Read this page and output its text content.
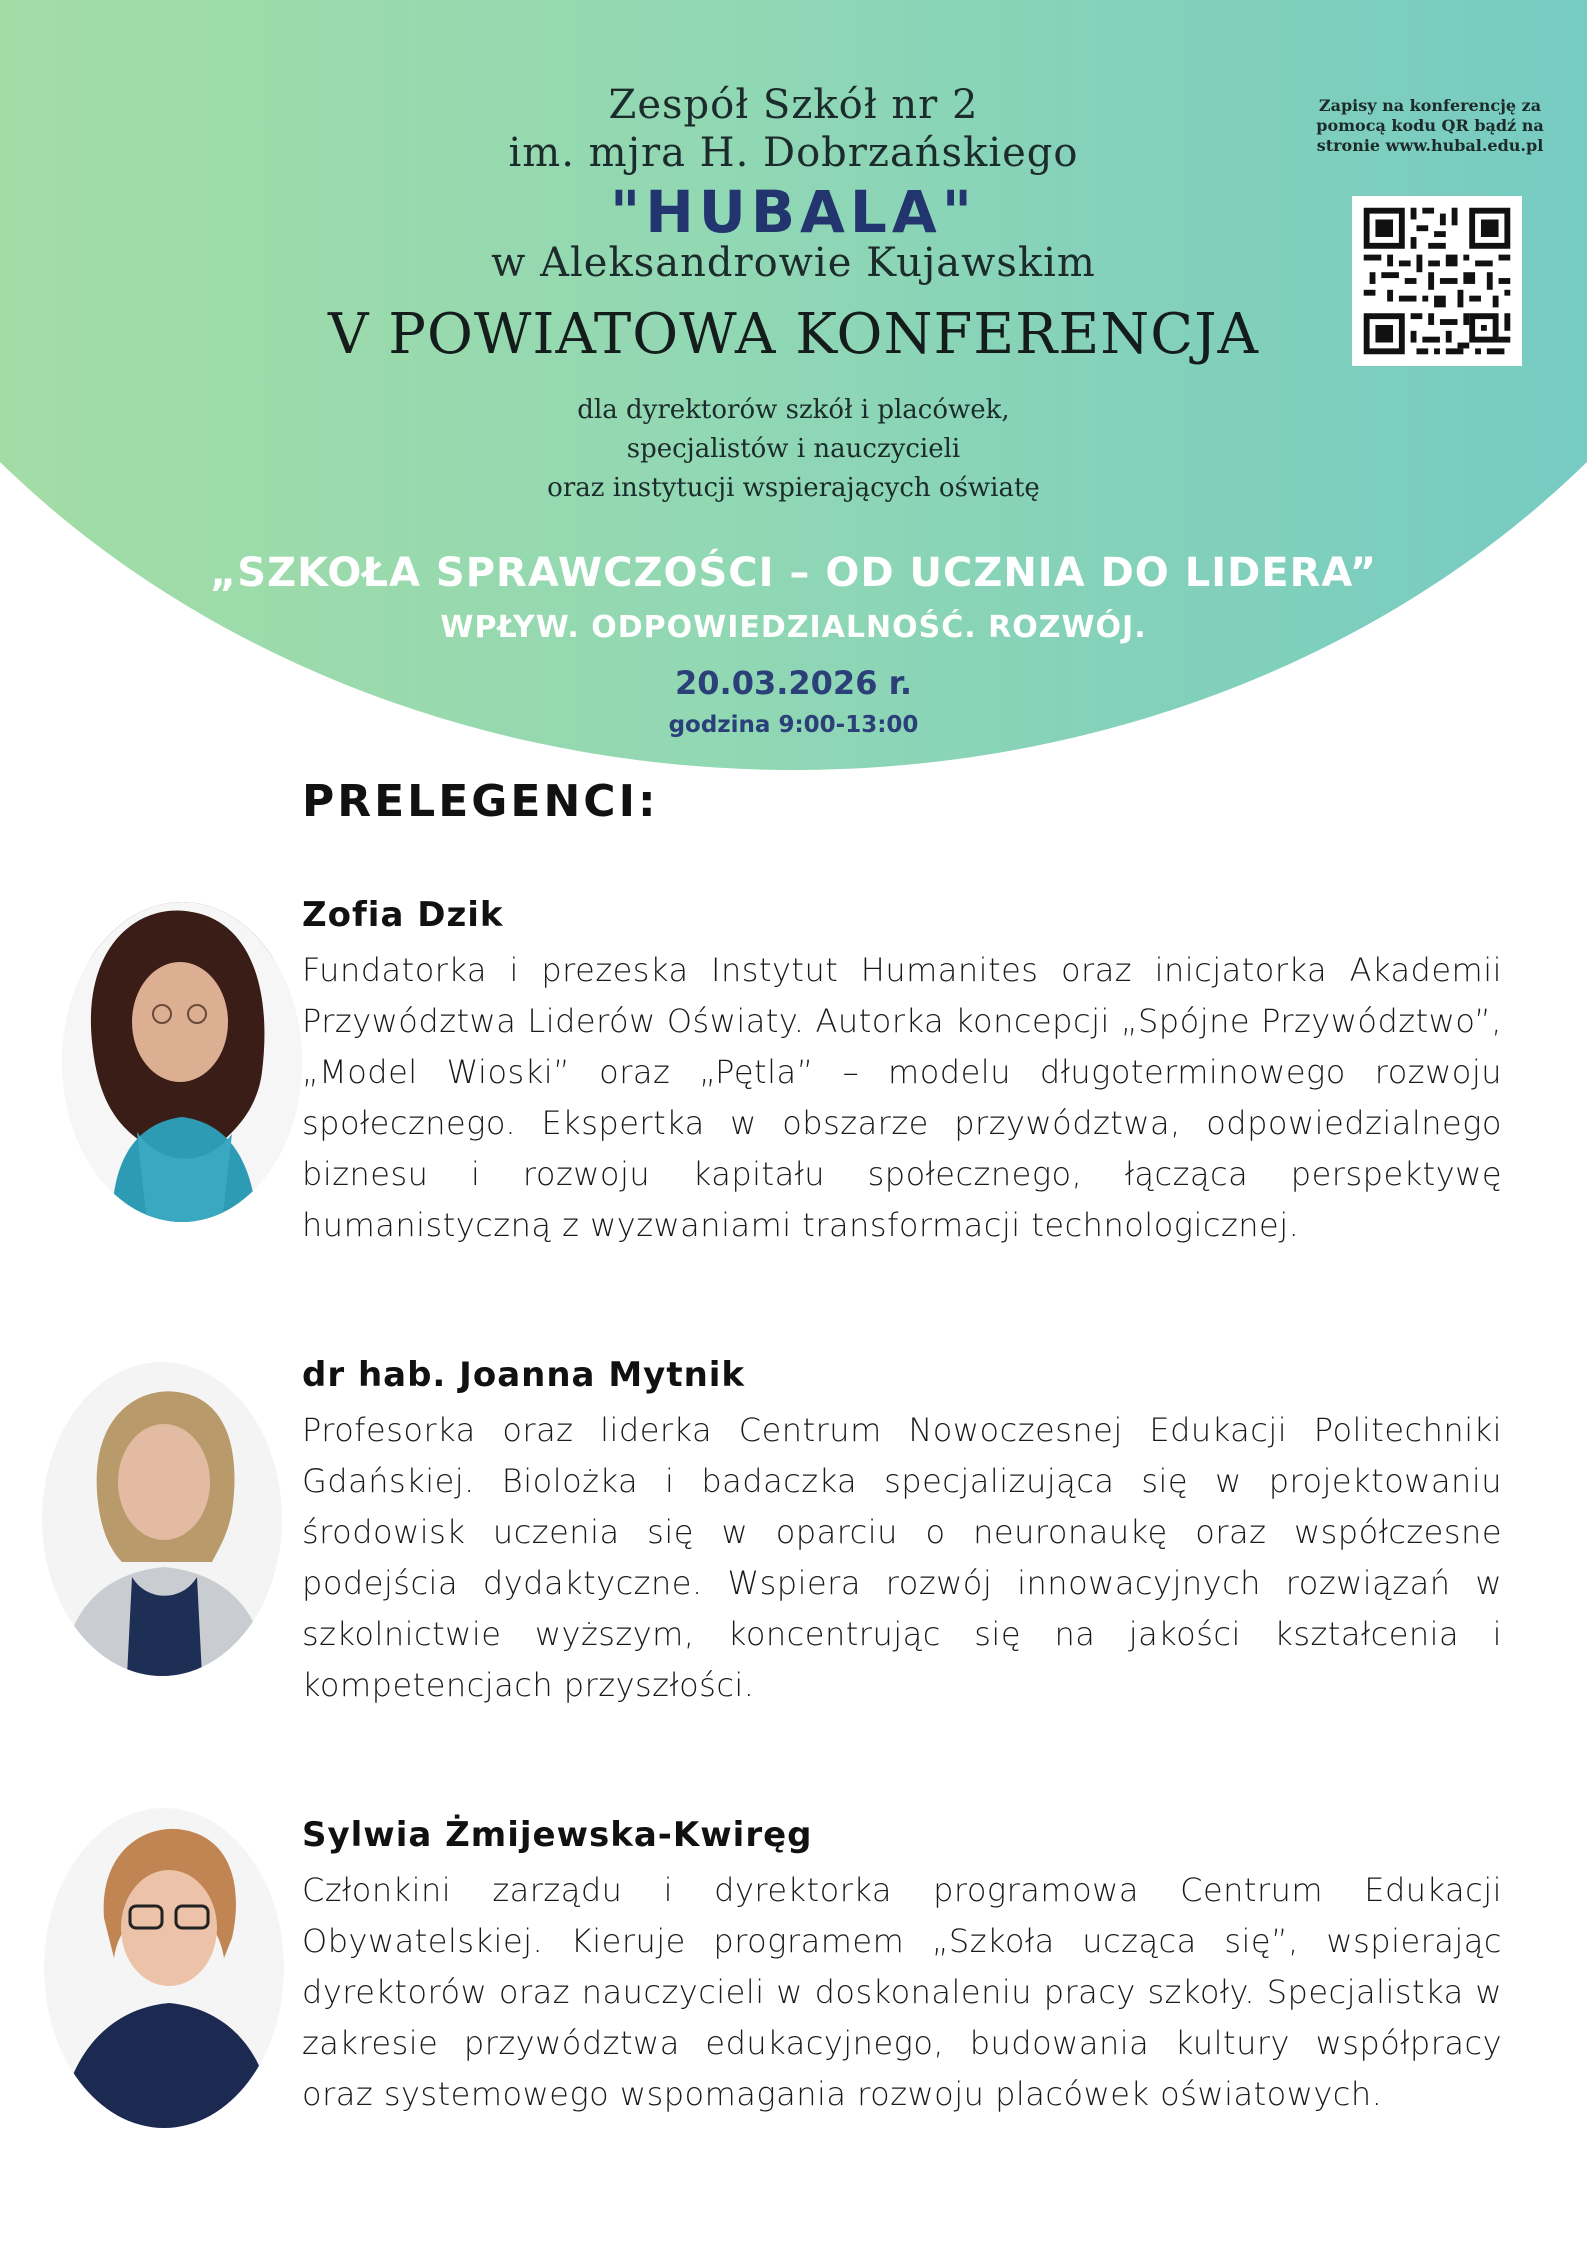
Zespół Szkół nr 2
im. mjra H. Dobrzańskiego
"HUBALA"
w Aleksandrowie Kujawskim
V POWIATOWA KONFERENCJA
dla dyrektorów szkół i placówek,
specjalistów i nauczycieli
oraz instytucji wspierających oświatę
„SZKOŁA SPRAWCZOŚCI – OD UCZNIA DO LIDERA”
WPŁYW. ODPOWIEDZIALNOŚĆ. ROZWÓJ.
20.03.2026 r.
godzina 9:00-13:00
Zapisy na konferencję za
pomocą kodu QR bądź na
stronie www.hubal.edu.pl
PRELEGENCI:
Zofia Dzik
Fundatorka i prezeska Instytut Humanites oraz inicjatorka Akademii Przywództwa Liderów Oświaty. Autorka koncepcji „Spójne Przywództwo”, „Model Wioski” oraz „Pętla” – modelu długoterminowego rozwoju społecznego. Ekspertka w obszarze przywództwa, odpowiedzialnego biznesu i rozwoju kapitału społecznego, łącząca perspektywę humanistyczną z wyzwaniami transformacji technologicznej.
dr hab. Joanna Mytnik
Profesorka oraz liderka Centrum Nowoczesnej Edukacji Politechniki Gdańskiej. Biolożka i badaczka specjalizująca się w projektowaniu środowisk uczenia się w oparciu o neuronaukę oraz współczesne podejścia dydaktyczne. Wspiera rozwój innowacyjnych rozwiązań w szkolnictwie wyższym, koncentrując się na jakości kształcenia i kompetencjach przyszłości.
Sylwia Żmijewska-Kwiręg
Członkini zarządu i dyrektorka programowa Centrum Edukacji Obywatelskiej. Kieruje programem „Szkoła ucząca się”, wspierając dyrektorów oraz nauczycieli w doskonaleniu pracy szkoły. Specjalistka w zakresie przywództwa edukacyjnego, budowania kultury współpracy oraz systemowego wspomagania rozwoju placówek oświatowych.
